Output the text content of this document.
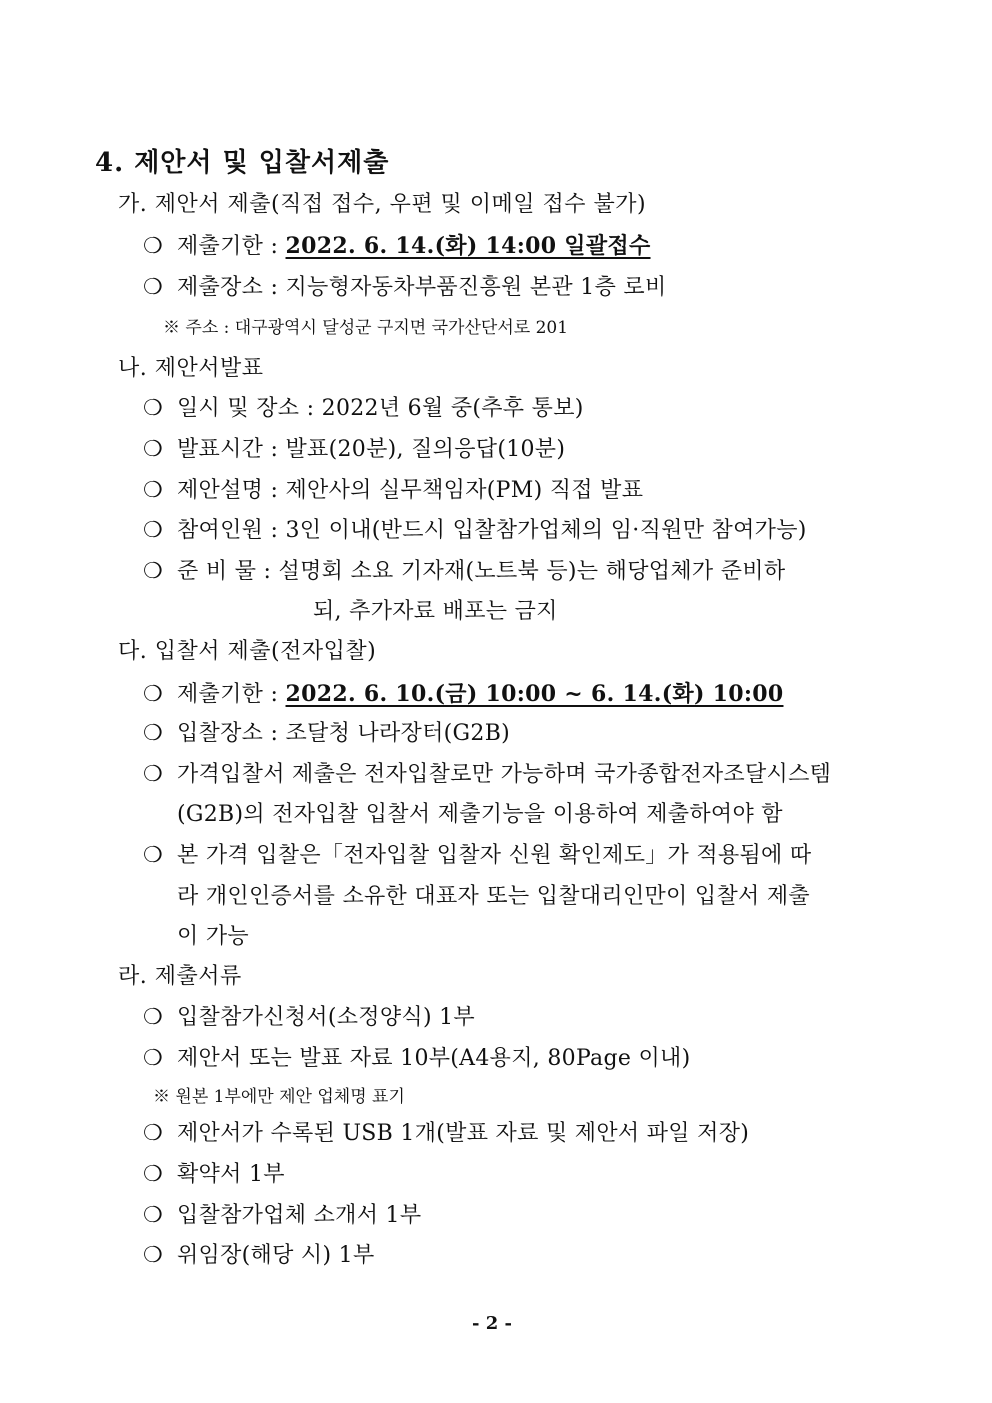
4. 제안서 및 입찰서제출
가. 제안서 제출(직접 접수, 우편 및 이메일 접수 불가)
❍ 제출기한 : 2022. 6. 14.(화) 14:00 일괄접수
❍ 제출장소 : 지능형자동차부품진흥원 본관 1층 로비
※ 주소 : 대구광역시 달성군 구지면 국가산단서로 201
나. 제안서발표
❍ 일시 및 장소 : 2022년 6월 중(추후 통보)
❍ 발표시간 : 발표(20분), 질의응답(10분)
❍ 제안설명 : 제안사의 실무책임자(PM) 직접 발표
❍ 참여인원 : 3인 이내(반드시 입찰참가업체의 임·직원만 참여가능)
❍ 준 비 물 : 설명회 소요 기자재(노트북 등)는 해당업체가 준비하
되, 추가자료 배포는 금지
다. 입찰서 제출(전자입찰)
❍ 제출기한 : 2022. 6. 10.(금) 10:00 ~ 6. 14.(화) 10:00
❍ 입찰장소 : 조달청 나라장터(G2B)
❍ 가격입찰서 제출은 전자입찰로만 가능하며 국가종합전자조달시스템
(G2B)의 전자입찰 입찰서 제출기능을 이용하여 제출하여야 함
❍ 본 가격 입찰은「전자입찰 입찰자 신원 확인제도」가 적용됨에 따
라 개인인증서를 소유한 대표자 또는 입찰대리인만이 입찰서 제출
이 가능
라. 제출서류
❍ 입찰참가신청서(소정양식) 1부
❍ 제안서 또는 발표 자료 10부(A4용지, 80Page 이내)
※ 원본 1부에만 제안 업체명 표기
❍ 제안서가 수록된 USB 1개(발표 자료 및 제안서 파일 저장)
❍ 확약서 1부
❍ 입찰참가업체 소개서 1부
❍ 위임장(해당 시) 1부
- 2 -
